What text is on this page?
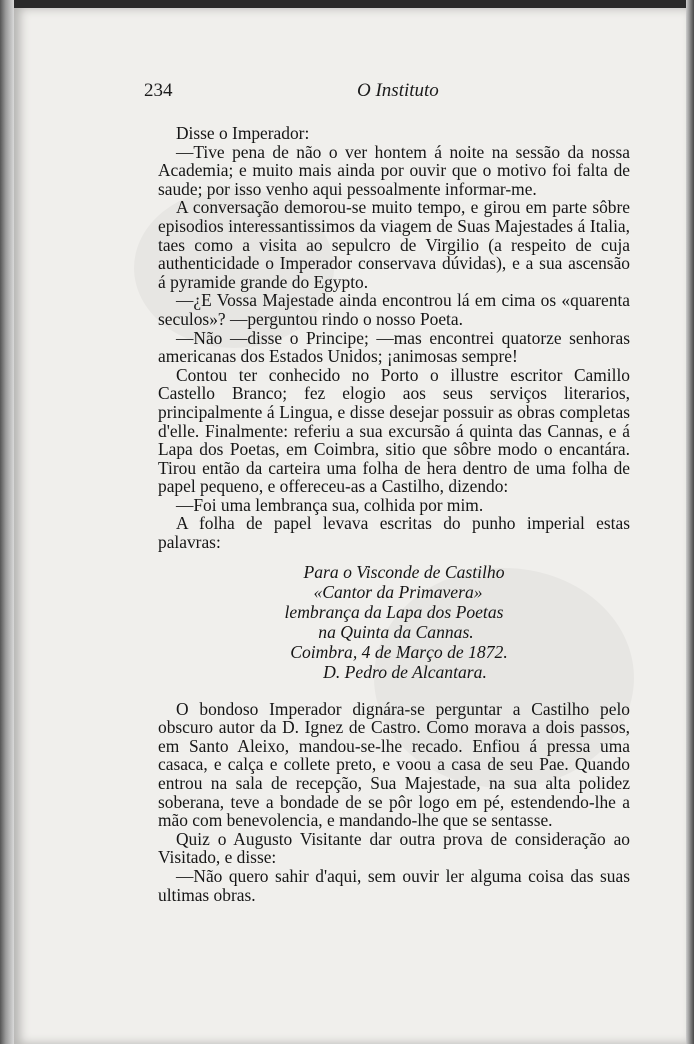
234	O Instituto

Disse o Imperador:

—Tive pena de não o ver hontem á noite na sessão da nossa Academia; e muito mais ainda por ouvir que o motivo foi falta de saude; por isso venho aqui pessoalmente informar-me.

A conversação demorou-se muito tempo, e girou em parte sôbre episodios interessantissimos da viagem de Suas Majestades á Italia, taes como a visita ao sepulcro de Virgilio (a respeito de cuja authenticidade o Imperador conservava dúvidas), e a sua ascensão á pyramide grande do Egypto.

—¿E Vossa Majestade ainda encontrou lá em cima os «quarenta seculos»? —perguntou rindo o nosso Poeta.

—Não —disse o Principe; —mas encontrei quatorze senhoras americanas dos Estados Unidos; ¡animosas sempre!

Contou ter conhecido no Porto o illustre escritor Camillo Castello Branco; fez elogio aos seus serviços literarios, principalmente á Lingua, e disse desejar possuir as obras completas d'elle. Finalmente: referiu a sua excursão á quinta das Cannas, e á Lapa dos Poetas, em Coimbra, sitio que sôbre modo o encantára. Tirou então da carteira uma folha de hera dentro de uma folha de papel pequeno, e offereceu-as a Castilho, dizendo:

—Foi uma lembrança sua, colhida por mim.

A folha de papel levava escritas do punho imperial estas palavras:

Para o Visconde de Castilho
«Cantor da Primavera»
lembrança da Lapa dos Poetas
na Quinta da Cannas.
Coimbra, 4 de Março de 1872.
D. Pedro de Alcantara.

O bondoso Imperador dignára-se perguntar a Castilho pelo obscuro autor da D. Ignez de Castro. Como morava a dois passos, em Santo Aleixo, mandou-se-lhe recado. Enfiou á pressa uma casaca, e calça e collete preto, e voou a casa de seu Pae. Quando entrou na sala de recepção, Sua Majestade, na sua alta polidez soberana, teve a bondade de se pôr logo em pé, estendendo-lhe a mão com benevolencia, e mandando-lhe que se sentasse.

Quiz o Augusto Visitante dar outra prova de consideração ao Visitado, e disse:

—Não quero sahir d'aqui, sem ouvir ler alguma coisa das suas ultimas obras.
